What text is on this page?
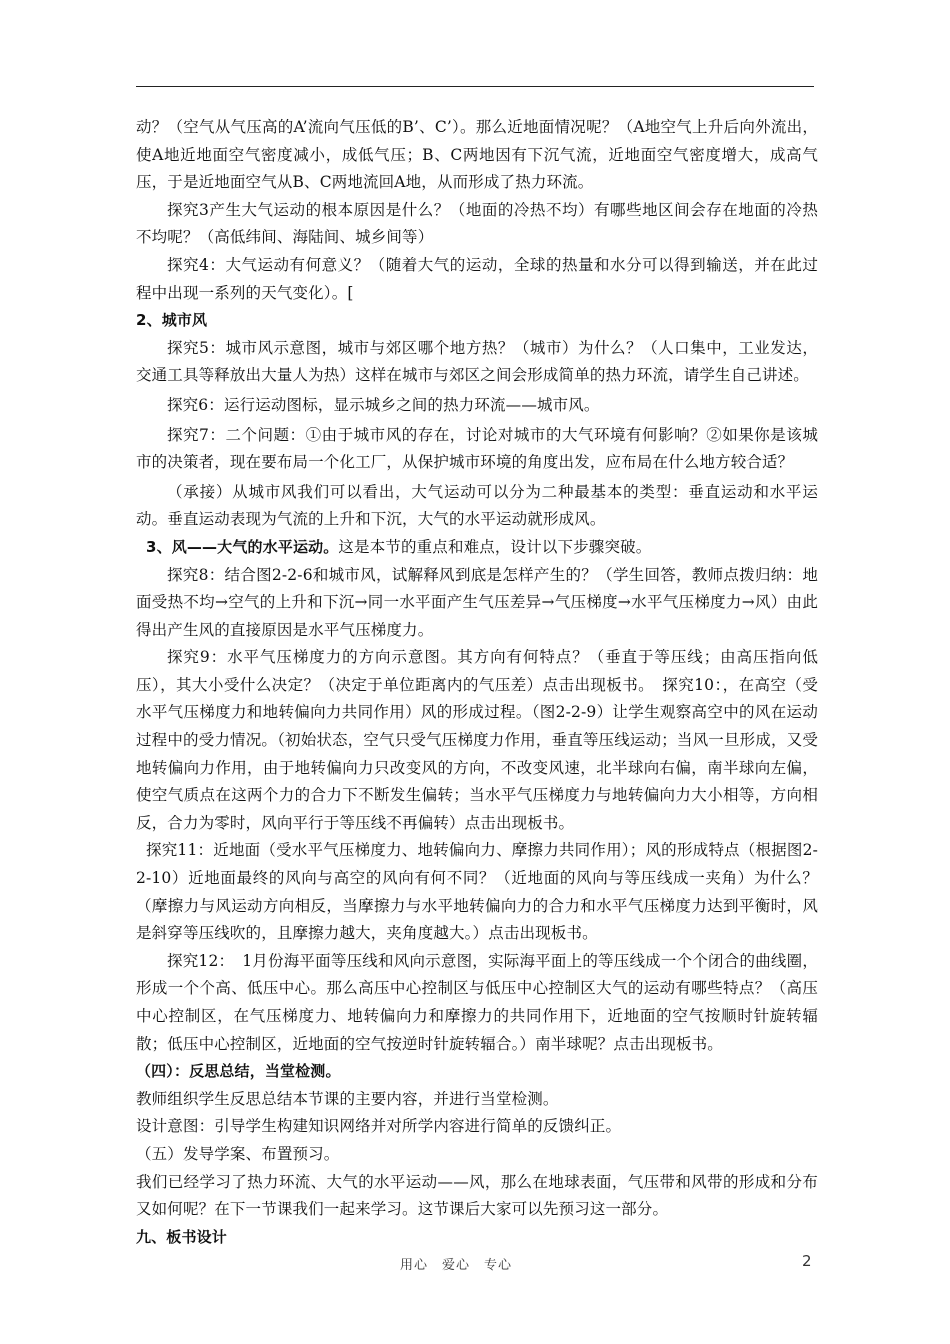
动？（空气从气压高的A’流向气压低的B’、C’）。那么近地面情况呢？（A地空气上升后向外流出，使A地近地面空气密度减小，成低气压；B、C两地因有下沉气流，近地面空气密度增大，成高气压，于是近地面空气从B、C两地流回A地，从而形成了热力环流。

探究3产生大气运动的根本原因是什么？（地面的冷热不均）有哪些地区间会存在地面的冷热不均呢？（高低纬间、海陆间、城乡间等）

探究4：大气运动有何意义？（随着大气的运动，全球的热量和水分可以得到输送，并在此过程中出现一系列的天气变化）。[

2、城市风

探究5：城市风示意图，城市与郊区哪个地方热？（城市）为什么？（人口集中，工业发达，交通工具等释放出大量人为热）这样在城市与郊区之间会形成简单的热力环流，请学生自己讲述。

探究6：运行运动图标，显示城乡之间的热力环流——城市风。

探究7：二个问题：①由于城市风的存在，讨论对城市的大气环境有何影响？②如果你是该城市的决策者，现在要布局一个化工厂，从保护城市环境的角度出发，应布局在什么地方较合适？

（承接）从城市风我们可以看出，大气运动可以分为二种最基本的类型：垂直运动和水平运动。垂直运动表现为气流的上升和下沉，大气的水平运动就形成风。

3、风——大气的水平运动。这是本节的重点和难点，设计以下步骤突破。

探究8：结合图2-2-6和城市风，试解释风到底是怎样产生的？（学生回答，教师点拨归纳：地面受热不均→空气的上升和下沉→同一水平面产生气压差异→气压梯度→水平气压梯度力→风）由此得出产生风的直接原因是水平气压梯度力。

探究9：水平气压梯度力的方向示意图。其方向有何特点？（垂直于等压线；由高压指向低压），其大小受什么决定？（决定于单位距离内的气压差）点击出现板书。　探究10：，在高空（受水平气压梯度力和地转偏向力共同作用）风的形成过程。（图2-2-9）让学生观察高空中的风在运动过程中的受力情况。（初始状态，空气只受气压梯度力作用，垂直等压线运动；当风一旦形成，又受地转偏向力作用，由于地转偏向力只改变风的方向，不改变风速，北半球向右偏，南半球向左偏，使空气质点在这两个力的合力下不断发生偏转；当水平气压梯度力与地转偏向力大小相等，方向相反，合力为零时，风向平行于等压线不再偏转）点击出现板书。

探究11：近地面（受水平气压梯度力、地转偏向力、摩擦力共同作用）；风的形成特点（根据图2-2-10）近地面最终的风向与高空的风向有何不同？（近地面的风向与等压线成一夹角）为什么？（摩擦力与风运动方向相反，当摩擦力与水平地转偏向力的合力和水平气压梯度力达到平衡时，风是斜穿等压线吹的，且摩擦力越大，夹角度越大。）点击出现板书。

探究12：　1月份海平面等压线和风向示意图，实际海平面上的等压线成一个个闭合的曲线圈，形成一个个高、低压中心。那么高压中心控制区与低压中心控制区大气的运动有哪些特点？（高压中心控制区，在气压梯度力、地转偏向力和摩擦力的共同作用下，近地面的空气按顺时针旋转辐散；低压中心控制区，近地面的空气按逆时针旋转辐合。）南半球呢？点击出现板书。

（四）：反思总结，当堂检测。

教师组织学生反思总结本节课的主要内容，并进行当堂检测。

设计意图：引导学生构建知识网络并对所学内容进行简单的反馈纠正。

（五）发导学案、布置预习。

我们已经学习了热力环流、大气的水平运动——风，那么在地球表面，气压带和风带的形成和分布又如何呢？在下一节课我们一起来学习。这节课后大家可以先预习这一部分。

九、板书设计

用心　爱心　专心	2
